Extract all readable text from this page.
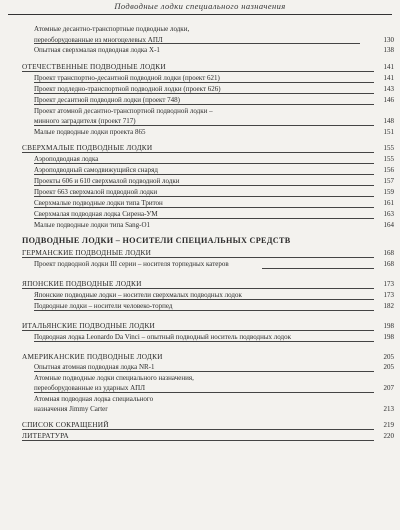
Подводные лодки специального назначения
Атомные десантно-транспортные подводные лодки,
переоборудованные из многоцелевых АПЛ	130
Опытная сверхмалая подводная лодка Х-1	138
ОТЕЧЕСТВЕННЫЕ ПОДВОДНЫЕ ЛОДКИ	141
Проект транспортно-десантной подводной лодки (проект 621)	141
Проект подледно-транспортной подводной лодки (проект 626)	143
Проект десантной подводной лодки (проект 748)	146
Проект атомной десантно-транспортной подводной лодки –
минного заградителя (проект 717)	148
Малые подводные лодки проекта 865	151
СВЕРХМАЛЫЕ ПОДВОДНЫЕ ЛОДКИ	155
Аэроподводная лодка	155
Аэроподводный самодвижущийся снаряд	156
Проекты 606 и 610 сверхмалой подводной лодки	157
Проект 663 сверхмалой подводной лодки	159
Сверхмалые подводные лодки типа Тритон	161
Сверхмалая подводная лодка Сирена-УМ	163
Малые подводные лодки типа Sang-O1	164
ПОДВОДНЫЕ ЛОДКИ – НОСИТЕЛИ СПЕЦИАЛЬНЫХ СРЕДСТВ
ГЕРМАНСКИЕ ПОДВОДНЫЕ ЛОДКИ	168
Проект подводной лодки III серии – носителя торпедных катеров	168
ЯПОНСКИЕ ПОДВОДНЫЕ ЛОДКИ	173
Японские подводные лодки – носители сверхмалых подводных лодок	173
Подводные лодки – носители человеко-торпед	182
ИТАЛЬЯНСКИЕ ПОДВОДНЫЕ ЛОДКИ	198
Подводная лодка Leonardo Da Vinci – опытный подводный носитель подводных лодок	198
АМЕРИКАНСКИЕ ПОДВОДНЫЕ ЛОДКИ	205
Опытная атомная подводная лодка NR-1	205
Атомные подводные лодки специального назначения,
переоборудованные из ударных АПЛ	207
Атомная подводная лодка специального
назначения Jimmy Carter	213
СПИСОК СОКРАЩЕНИЙ	219
ЛИТЕРАТУРА	220
